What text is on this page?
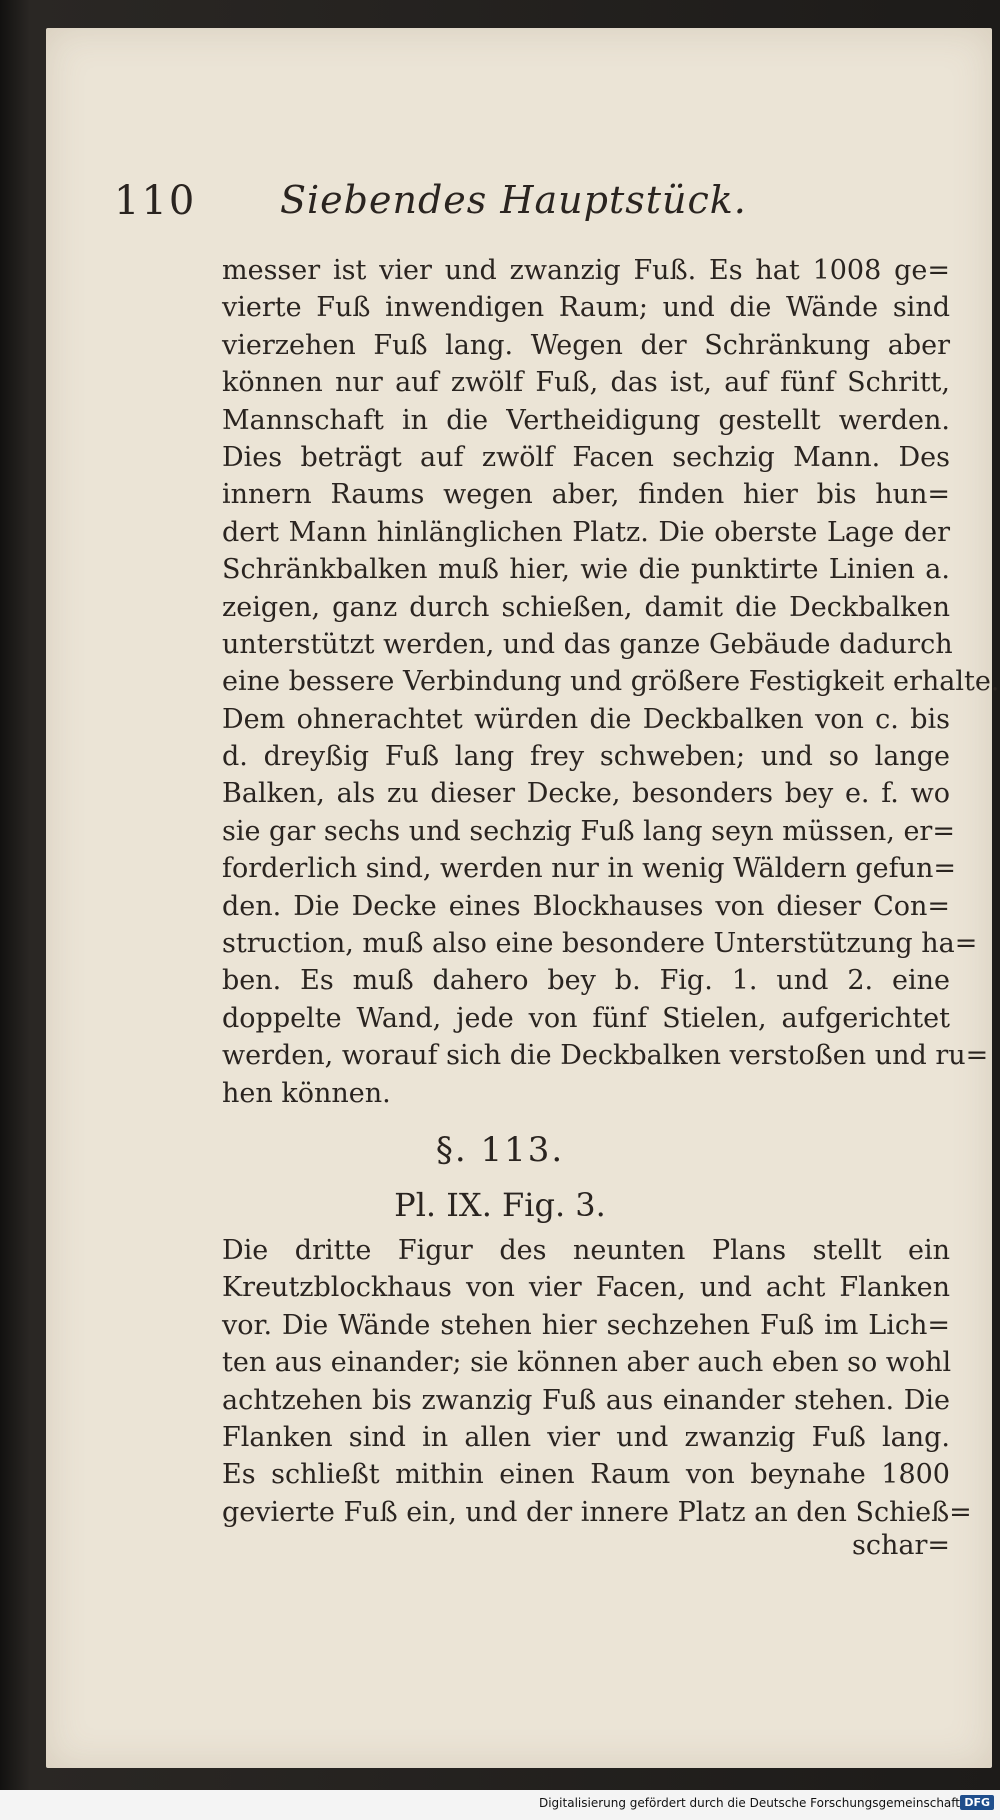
110 Siebendes Hauptstück.
messer ist vier und zwanzig Fuß. Es hat 1008 ge=
vierte Fuß inwendigen Raum; und die Wände sind
vierzehen Fuß lang. Wegen der Schränkung aber
können nur auf zwölf Fuß, das ist, auf fünf Schritt,
Mannschaft in die Vertheidigung gestellt werden.
Dies beträgt auf zwölf Facen sechzig Mann. Des
innern Raums wegen aber, finden hier bis hun=
dert Mann hinlänglichen Platz. Die oberste Lage der
Schränkbalken muß hier, wie die punktirte Linien a.
zeigen, ganz durch schießen, damit die Deckbalken
unterstützt werden, und das ganze Gebäude dadurch
eine bessere Verbindung und größere Festigkeit erhalte.
Dem ohnerachtet würden die Deckbalken von c. bis
d. dreyßig Fuß lang frey schweben; und so lange
Balken, als zu dieser Decke, besonders bey e. f. wo
sie gar sechs und sechzig Fuß lang seyn müssen, er=
forderlich sind, werden nur in wenig Wäldern gefun=
den. Die Decke eines Blockhauses von dieser Con=
struction, muß also eine besondere Unterstützung ha=
ben. Es muß dahero bey b. Fig. 1. und 2. eine
doppelte Wand, jede von fünf Stielen, aufgerichtet
werden, worauf sich die Deckbalken verstoßen und ru=
hen können.
§. 113.
Pl. IX. Fig. 3.
Die dritte Figur des neunten Plans stellt ein
Kreutzblockhaus von vier Facen, und acht Flanken
vor. Die Wände stehen hier sechzehen Fuß im Lich=
ten aus einander; sie können aber auch eben so wohl
achtzehen bis zwanzig Fuß aus einander stehen. Die
Flanken sind in allen vier und zwanzig Fuß lang.
Es schließt mithin einen Raum von beynahe 1800
gevierte Fuß ein, und der innere Platz an den Schieß=
schar=
Digitalisierung gefördert durch die Deutsche Forschungsgemeinschaft DFG
